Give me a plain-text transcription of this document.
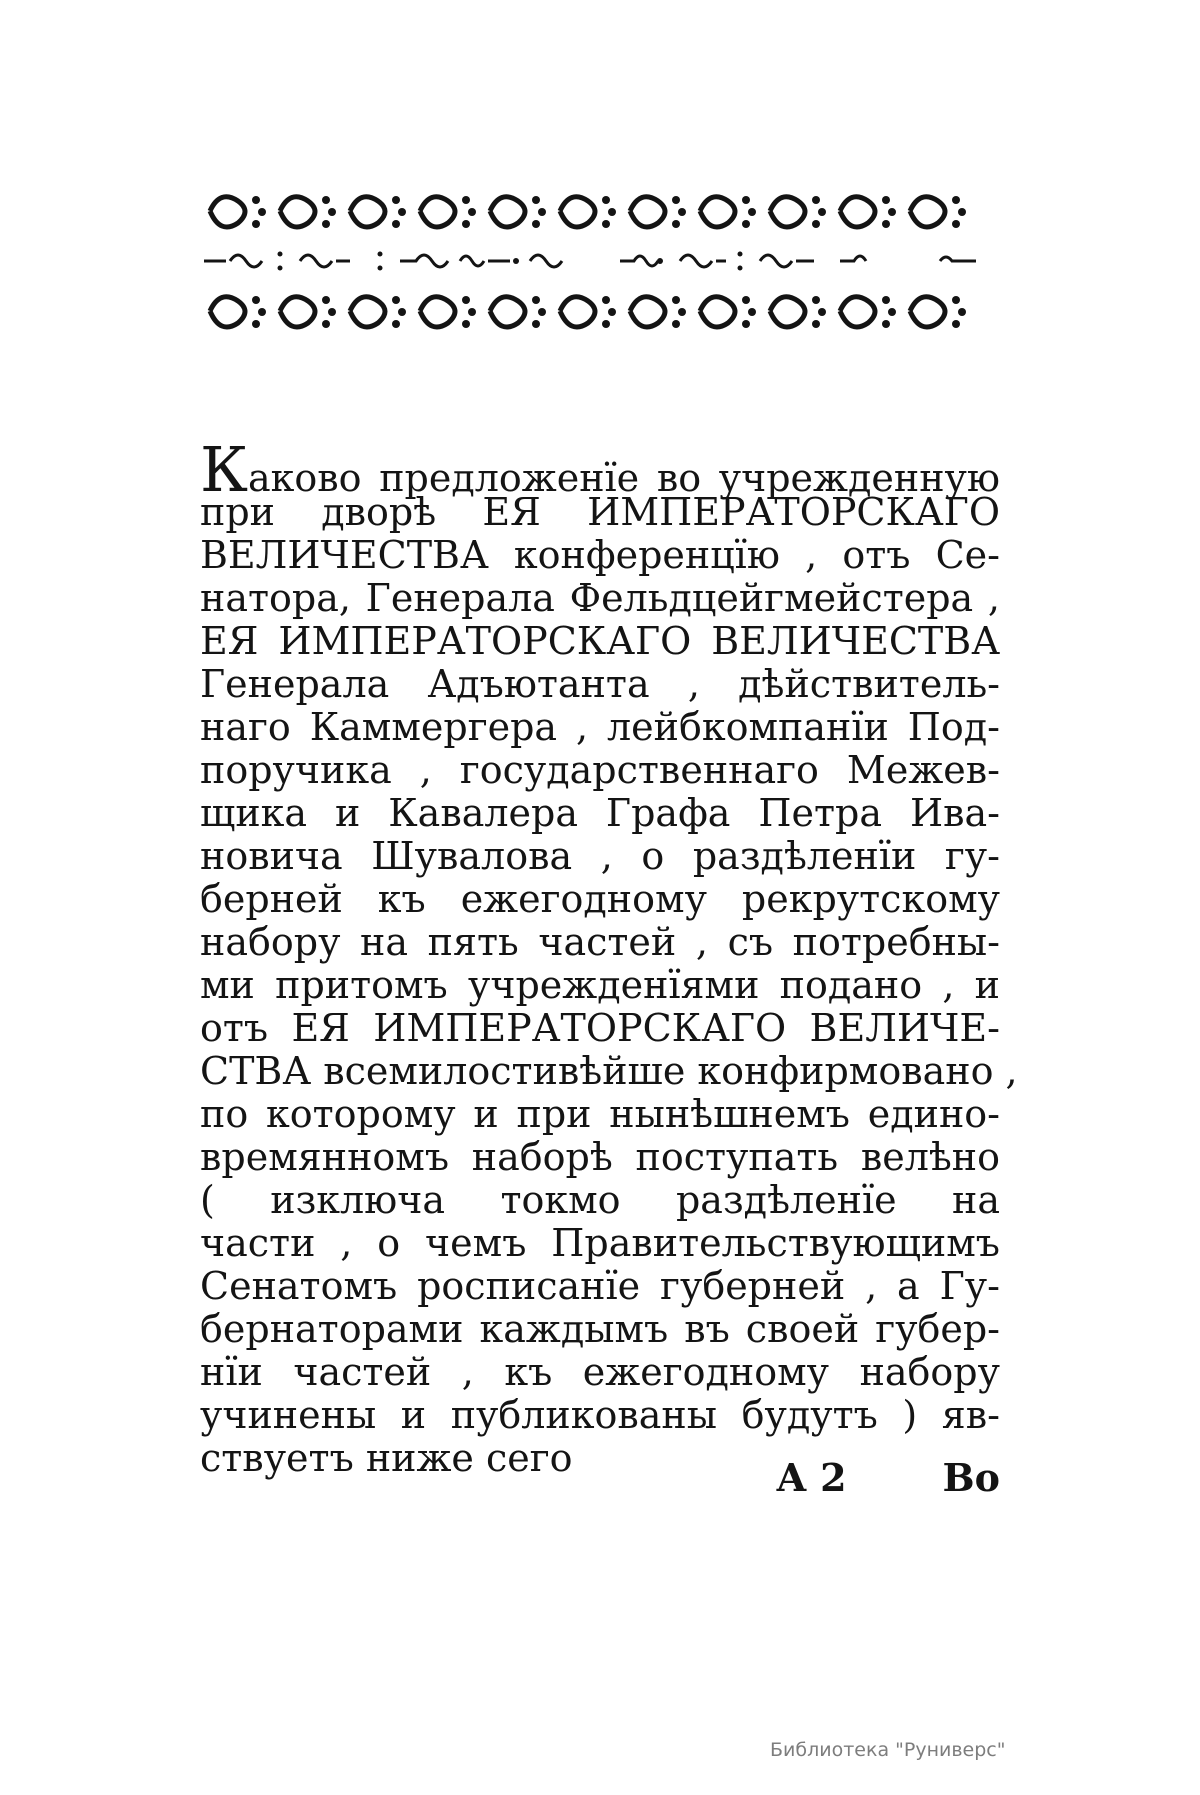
Каково предложенїе во учрежденную
при дворѣ ЕЯ ИМПЕРАТОРСКАГО
ВЕЛИЧЕСТВА конференцїю , отъ Се-
натора, Генерала Фельдцейгмейстера ,
ЕЯ ИМПЕРАТОРСКАГО ВЕЛИЧЕСТВА
Генерала Адъютанта , дѣйствитель-
наго Каммергера , лейбкомпанїи Под-
поручика , государственнаго Межев-
щика и Кавалера Графа Петра Ива-
новича Шувалова , о раздѣленїи гу-
берней къ ежегодному рекрутскому
набору на пять частей , съ потребны-
ми притомъ учрежденїями подано , и
отъ ЕЯ ИМПЕРАТОРСКАГО ВЕЛИЧЕ-
СТВА всемилостивѣйше конфирмовано ,
по которому и при нынѣшнемъ едино-
времянномъ наборѣ поступать велѣно
( изключа токмо раздѣленїе на
части , о чемъ Правительствующимъ
Сенатомъ росписанїе губерней , а Гу-
бернаторами каждымъ въ своей губер-
нїи частей , къ ежегодному набору
учинены и публикованы будутъ ) яв-
ствуетъ ниже сего	А 2	Во
Библиотека "Руниверс"
